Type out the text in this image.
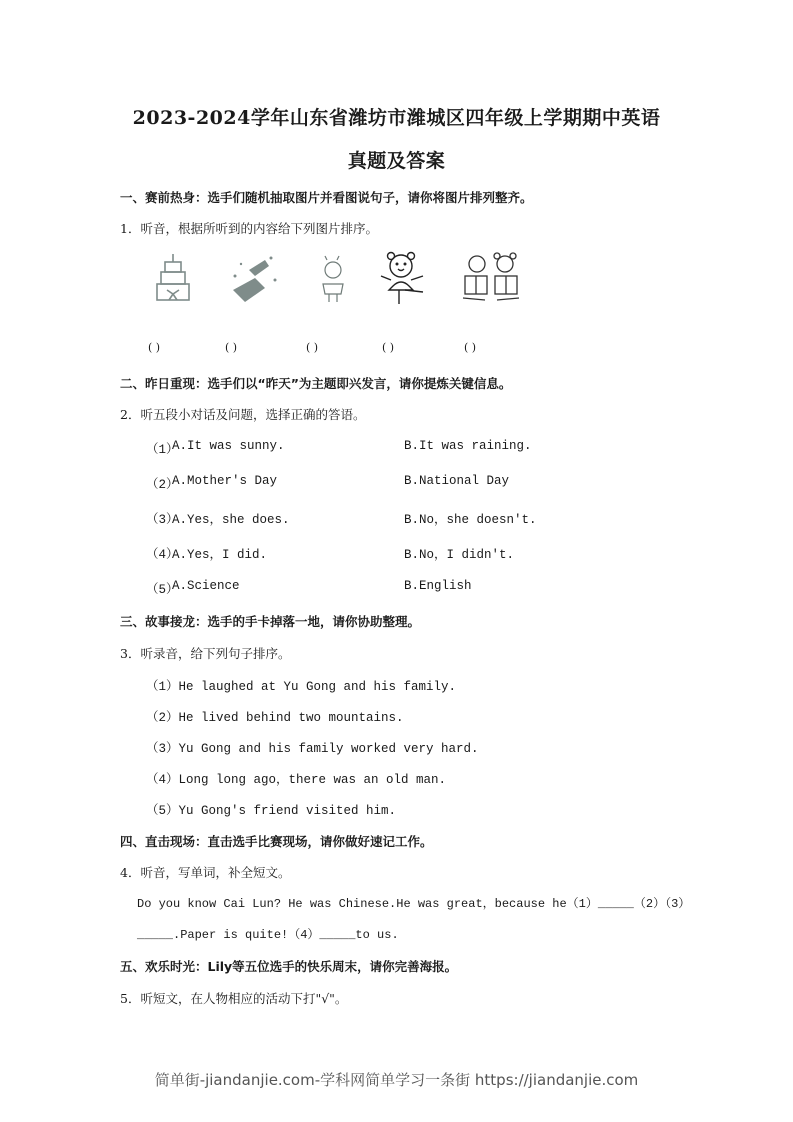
2023-2024学年山东省潍坊市潍城区四年级上学期期中英语
真题及答案
一、赛前热身：选手们随机抽取图片并看图说句子，请你将图片排列整齐。
1．听音，根据所听到的内容给下列图片排序。
( )	( )	( )	( )	( )
二、昨日重现：选手们以“昨天”为主题即兴发言，请你提炼关键信息。
2．听五段小对话及问题，选择正确的答语。
（1）
A.It was sunny.	B.It was raining.
（2）
A.Mother's Day	B.National Day
（3）
A.Yes，she does.	B.No，she doesn't.
（4）
A.Yes，I did.	B.No，I didn't.
（5）
A.Science	B.English
三、故事接龙：选手的手卡掉落一地，请你协助整理。
3．听录音，给下列句子排序。
（1）He laughed at Yu Gong and his family.
（2）He lived behind two mountains.
（3）Yu Gong and his family worked very hard.
（4）Long long ago，there was an old man.
（5）Yu Gong's friend visited him.
四、直击现场：直击选手比赛现场，请你做好速记工作。
4．听音，写单词，补全短文。
Do you know Cai Lun? He was Chinese.He was great，because he（1）_____（2）（3）
_____.Paper is quite!（4）_____to us.
五、欢乐时光：Lily等五位选手的快乐周末，请你完善海报。
5．听短文，在人物相应的活动下打"√"。
简单街-jiandanjie.com-学科网简单学习一条街 https://jiandanjie.com
